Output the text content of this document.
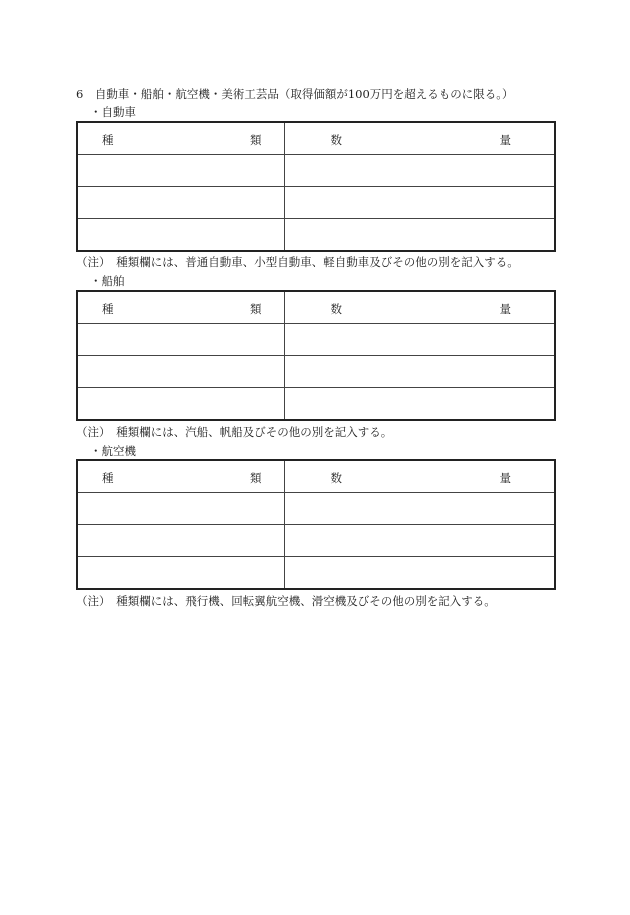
6　自動車・船舶・航空機・美術工芸品（取得価額が100万円を超えるものに限る。）
・自動車
種 類	数 量

（注）　種類欄には、普通自動車、小型自動車、軽自動車及びその他の別を記入する。
・船舶
種 類	数 量

（注）　種類欄には、汽船、帆船及びその他の別を記入する。
・航空機
種 類	数 量

（注）　種類欄には、飛行機、回転翼航空機、滑空機及びその他の別を記入する。
